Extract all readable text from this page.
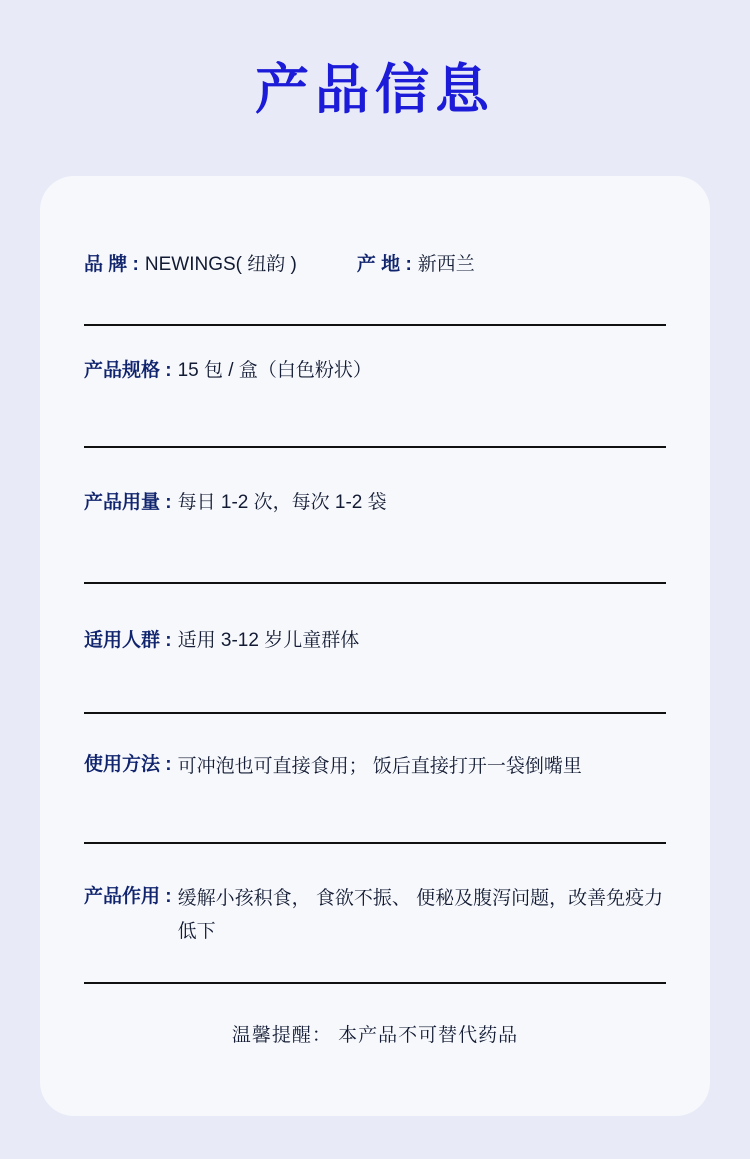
产品信息
品 牌 : NEWINGS( 纽韵 )	产 地 : 新西兰
产品规格 : 15 包 / 盒（白色粉状）
产品用量 : 每日 1-2 次，每次 1-2 袋
适用人群 : 适用 3-12 岁儿童群体
使用方法 : 可冲泡也可直接食用； 饭后直接打开一袋倒嘴里
产品作用 : 缓解小孩积食， 食欲不振、 便秘及腹泻问题，改善免疫力低下
温馨提醒： 本产品不可替代药品
